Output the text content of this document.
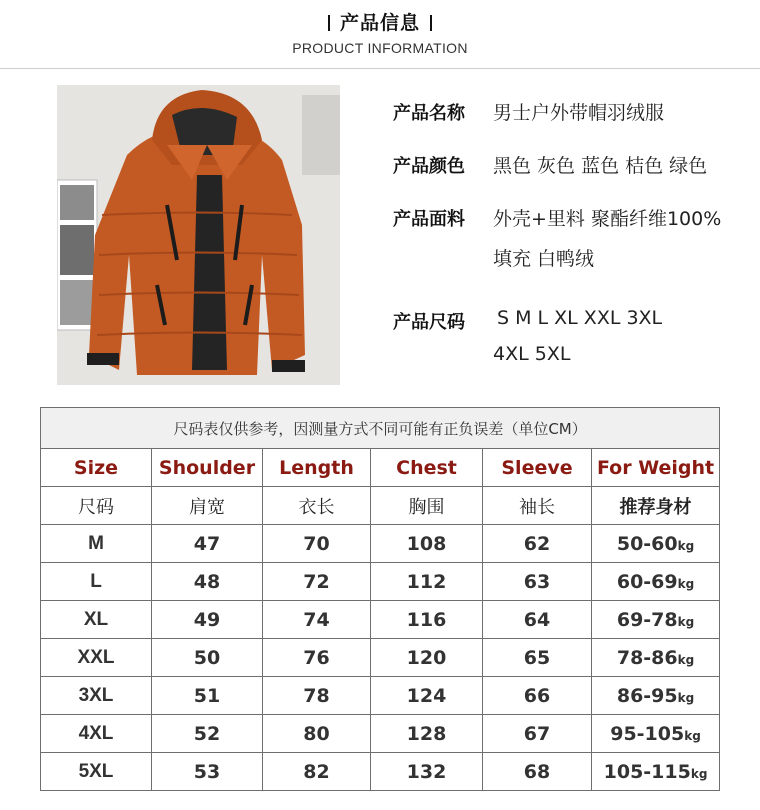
产品信息
PRODUCT INFORMATION
产品名称 男士户外带帽羽绒服
产品颜色 黑色 灰色 蓝色 桔色 绿色
产品面料 外壳+里料 聚酯纤维100%
填充 白鸭绒
产品尺码 S M L XL XXL 3XL
4XL 5XL
尺码表仅供参考，因测量方式不同可能有正负误差（单位CM）					
Size	Shoulder	Length	Chest	Sleeve	For Weight
尺码	肩宽	衣长	胸围	袖长	推荐身材
M	47	70	108	62	50-60kg
L	48	72	112	63	60-69kg
XL	49	74	116	64	69-78kg
XXL	50	76	120	65	78-86kg
3XL	51	78	124	66	86-95kg
4XL	52	80	128	67	95-105kg
5XL	53	82	132	68	105-115kg
